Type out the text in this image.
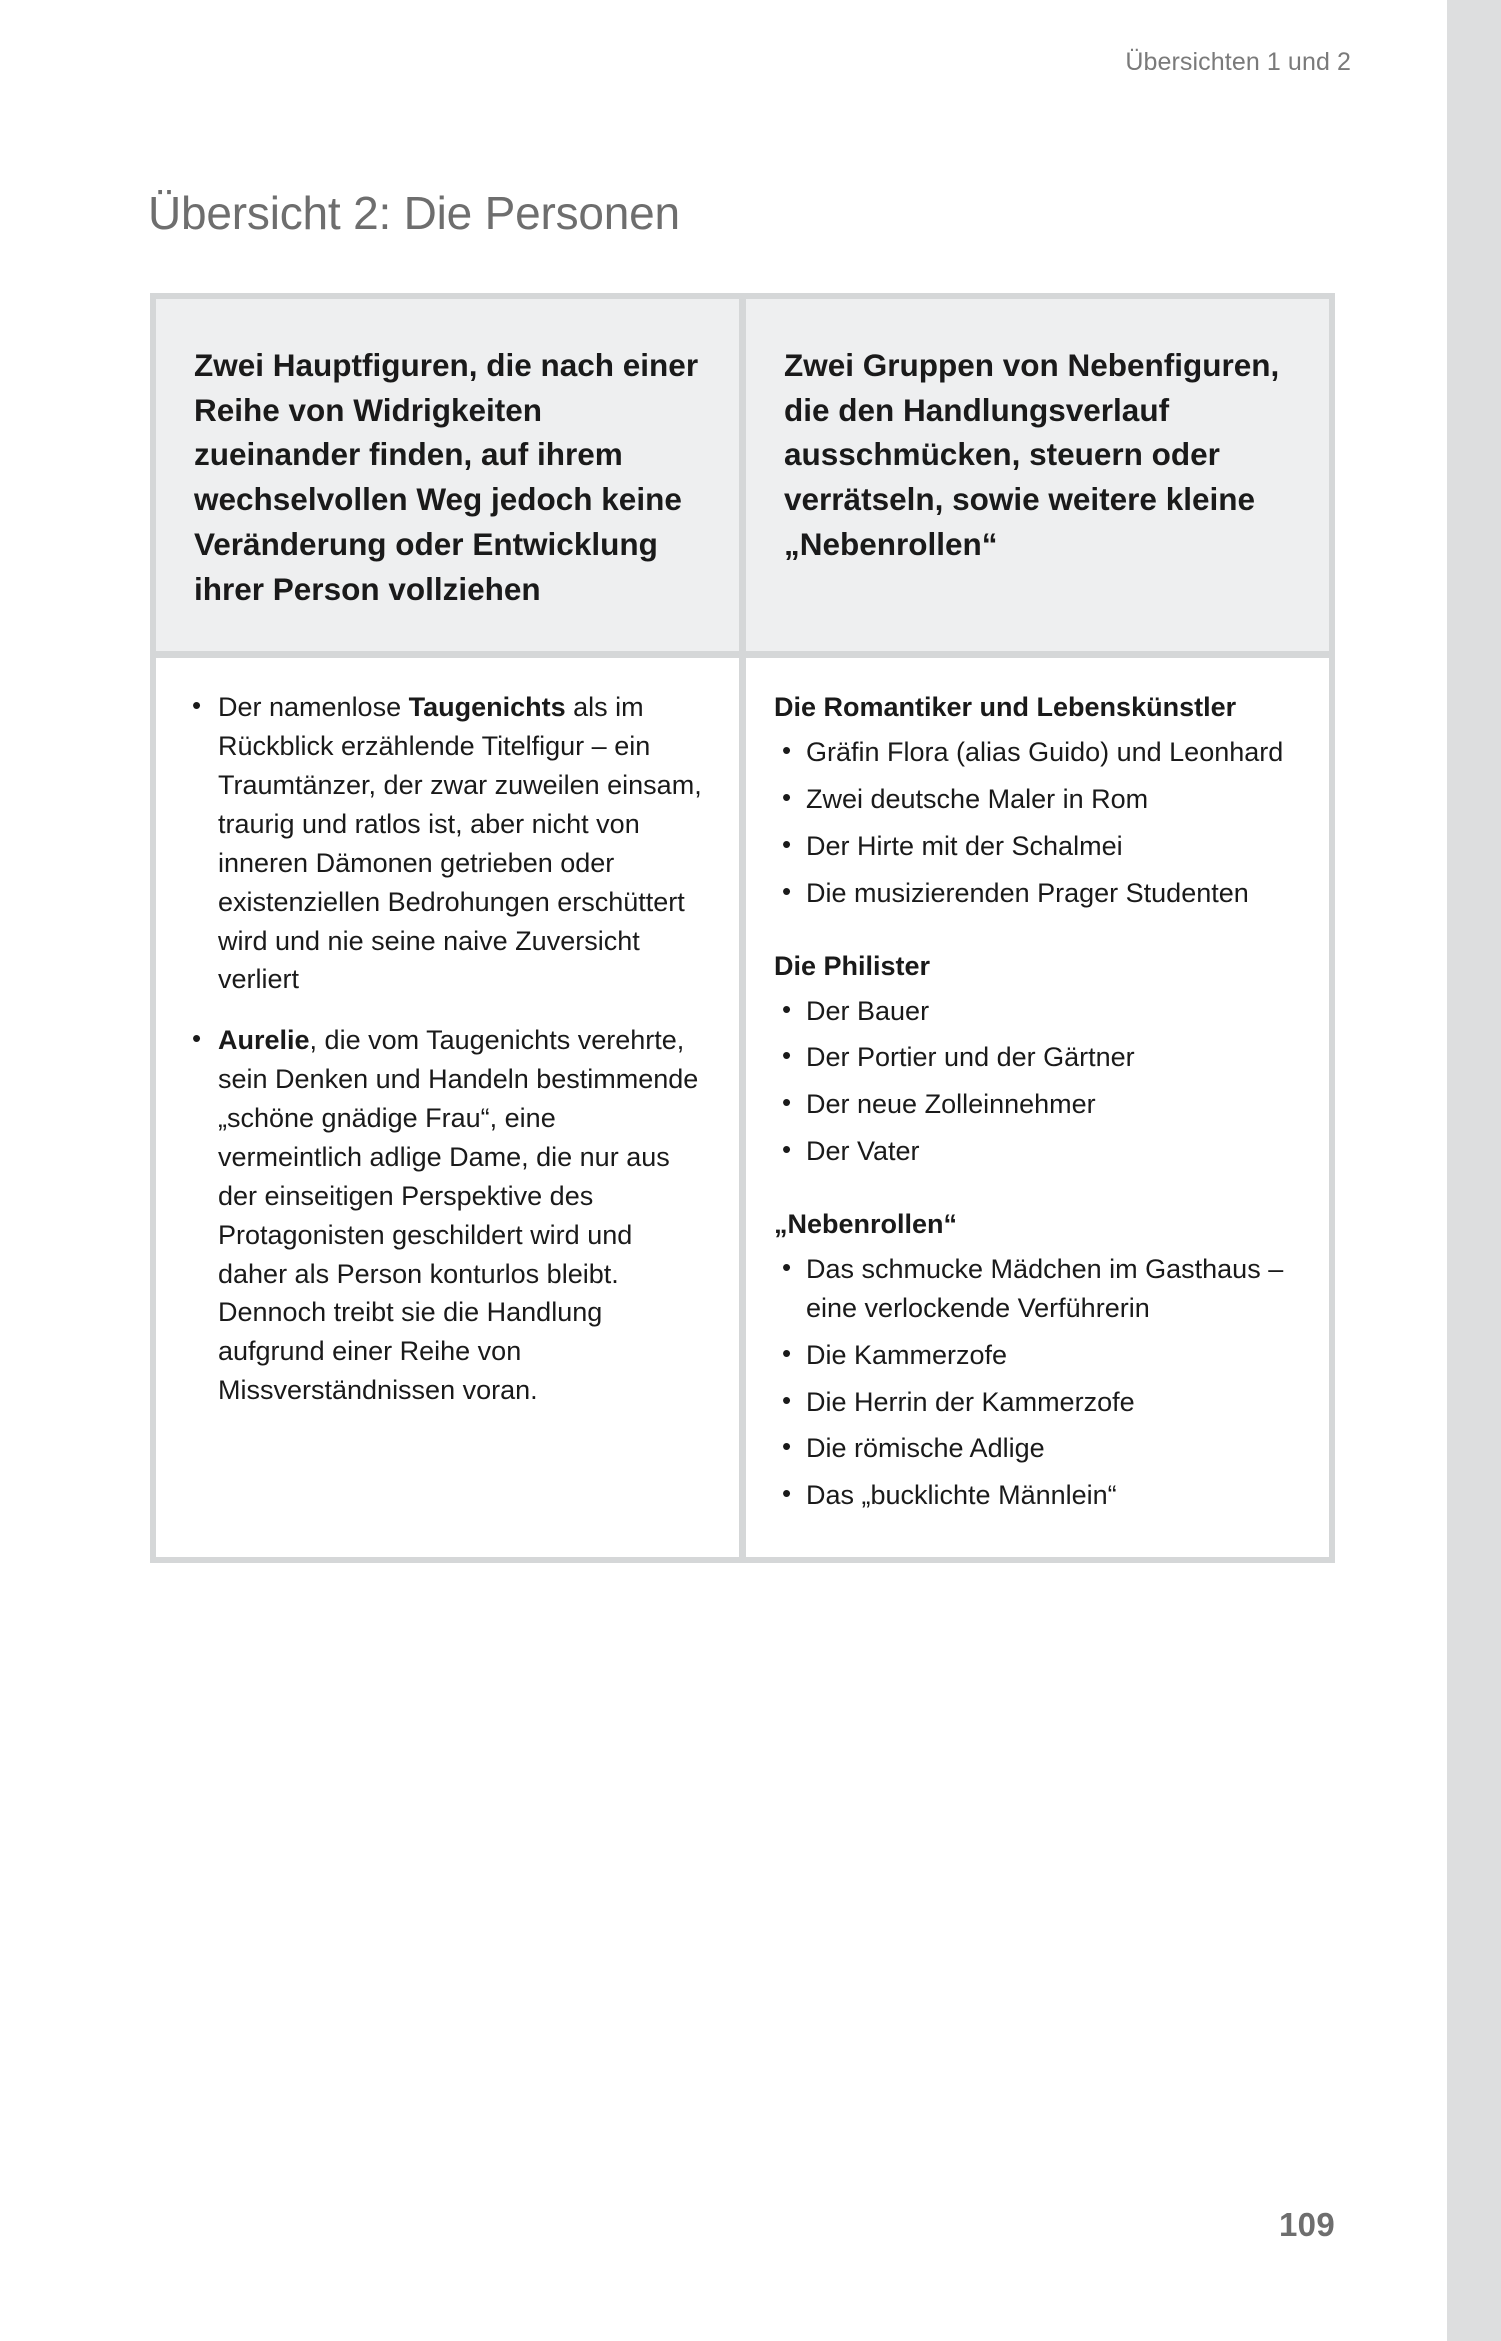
Übersichten 1 und 2
Übersicht 2: Die Personen
Zwei Hauptfiguren, die nach einer Reihe von Widrigkeiten zueinander finden, auf ihrem wechselvollen Weg jedoch keine Veränderung oder Entwicklung ihrer Person vollziehen
Zwei Gruppen von Nebenfiguren, die den Handlungsverlauf ausschmücken, steuern oder verrätseln, sowie weitere kleine „Nebenrollen“
• Der namenlose Taugenichts als im Rückblick erzählende Titelfigur – ein Traumtänzer, der zwar zuweilen einsam, traurig und ratlos ist, aber nicht von inneren Dämonen getrieben oder existenziellen Bedrohungen erschüttert wird und nie seine naive Zuversicht verliert
• Aurelie, die vom Taugenichts verehrte, sein Denken und Handeln bestimmende „schöne gnädige Frau“, eine vermeintlich adlige Dame, die nur aus der einseitigen Perspektive des Protagonisten geschildert wird und daher als Person konturlos bleibt. Dennoch treibt sie die Handlung aufgrund einer Reihe von Missverständnissen voran.
Die Romantiker und Lebenskünstler
• Gräfin Flora (alias Guido) und Leonhard
• Zwei deutsche Maler in Rom
• Der Hirte mit der Schalmei
• Die musizierenden Prager Studenten
Die Philister
• Der Bauer
• Der Portier und der Gärtner
• Der neue Zolleinnehmer
• Der Vater
„Nebenrollen“
• Das schmucke Mädchen im Gasthaus – eine verlockende Verführerin
• Die Kammerzofe
• Die Herrin der Kammerzofe
• Die römische Adlige
• Das „bucklichte Männlein“
109
